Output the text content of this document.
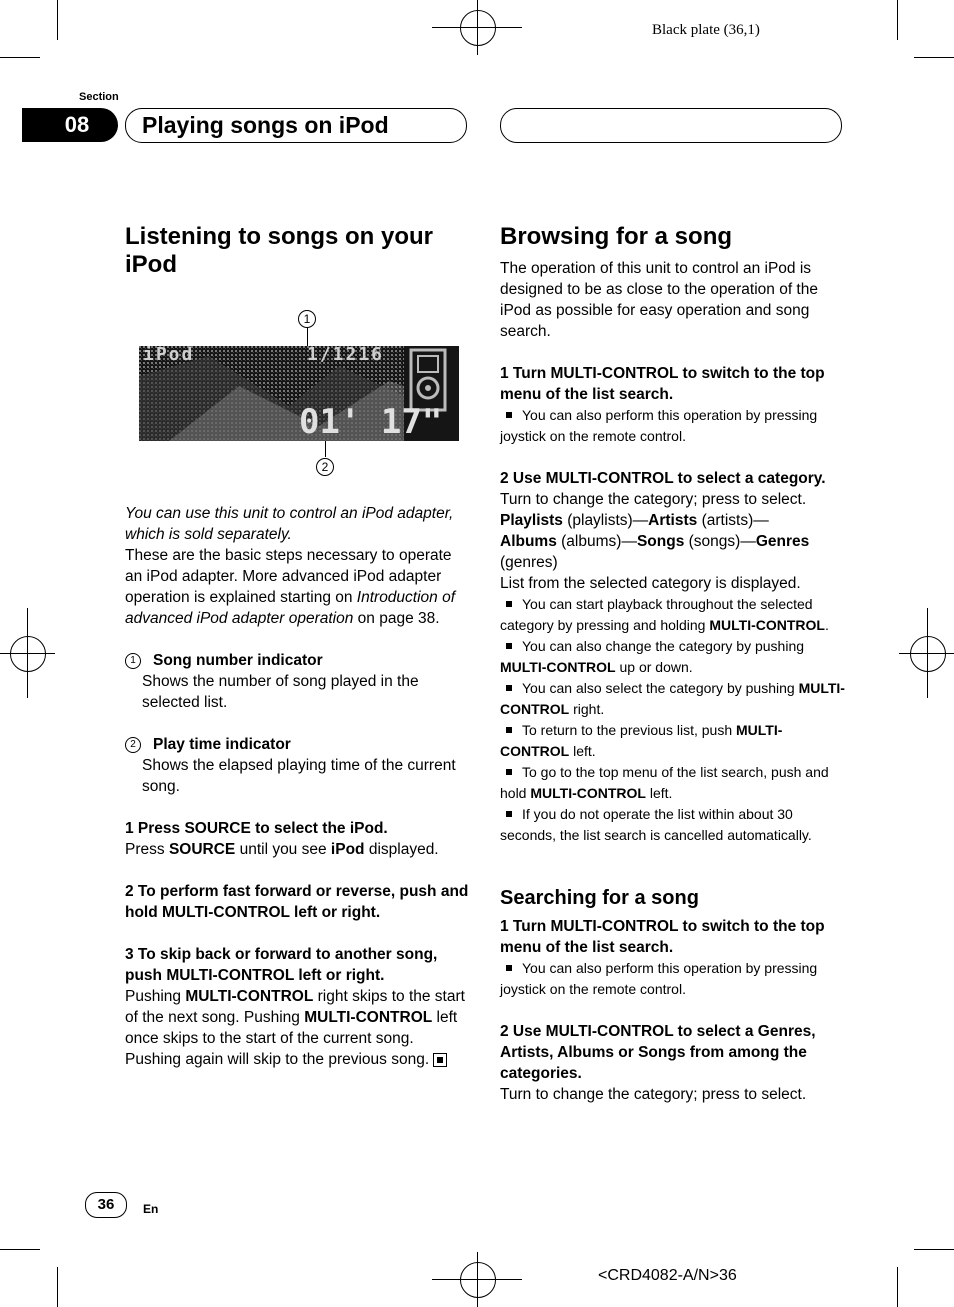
Black plate (36,1)
Section
08	Playing songs on iPod
Listening to songs on your iPod
1
iPod	1/1216
01' 17"
2

You can use this unit to control an iPod adapter, which is sold separately.

These are the basic steps necessary to operate an iPod adapter. More advanced iPod adapter operation is explained starting on Introduction of advanced iPod adapter operation on page 38.

1 Song number indicator

Shows the number of song played in the selected list.

2 Play time indicator

Shows the elapsed playing time of the current song.

1 Press SOURCE to select the iPod.

Press SOURCE until you see iPod displayed.

2 To perform fast forward or reverse, push and hold MULTI-CONTROL left or right.

3 To skip back or forward to another song, push MULTI-CONTROL left or right.

Pushing MULTI-CONTROL right skips to the start of the next song. Pushing MULTI-CONTROL left once skips to the start of the current song. Pushing again will skip to the previous song.

Browsing for a song

The operation of this unit to control an iPod is designed to be as close to the operation of the iPod as possible for easy operation and song search.

1 Turn MULTI-CONTROL to switch to the top menu of the list search.

You can also perform this operation by pressing joystick on the remote control.

2 Use MULTI-CONTROL to select a category.

Turn to change the category; press to select.

Playlists (playlists)—Artists (artists)—
Albums (albums)—Songs (songs)—Genres
(genres)

List from the selected category is displayed.

You can start playback throughout the selected category by pressing and holding MULTI-CONTROL.

You can also change the category by pushing MULTI-CONTROL up or down.

You can also select the category by pushing MULTI-CONTROL right.

To return to the previous list, push MULTI-CONTROL left.

To go to the top menu of the list search, push and hold MULTI-CONTROL left.

If you do not operate the list within about 30 seconds, the list search is cancelled automatically.

Searching for a song

1 Turn MULTI-CONTROL to switch to the top menu of the list search.

You can also perform this operation by pressing joystick on the remote control.

2 Use MULTI-CONTROL to select a Genres, Artists, Albums or Songs from among the categories.

Turn to change the category; press to select.

36	En
<CRD4082-A/N>36
